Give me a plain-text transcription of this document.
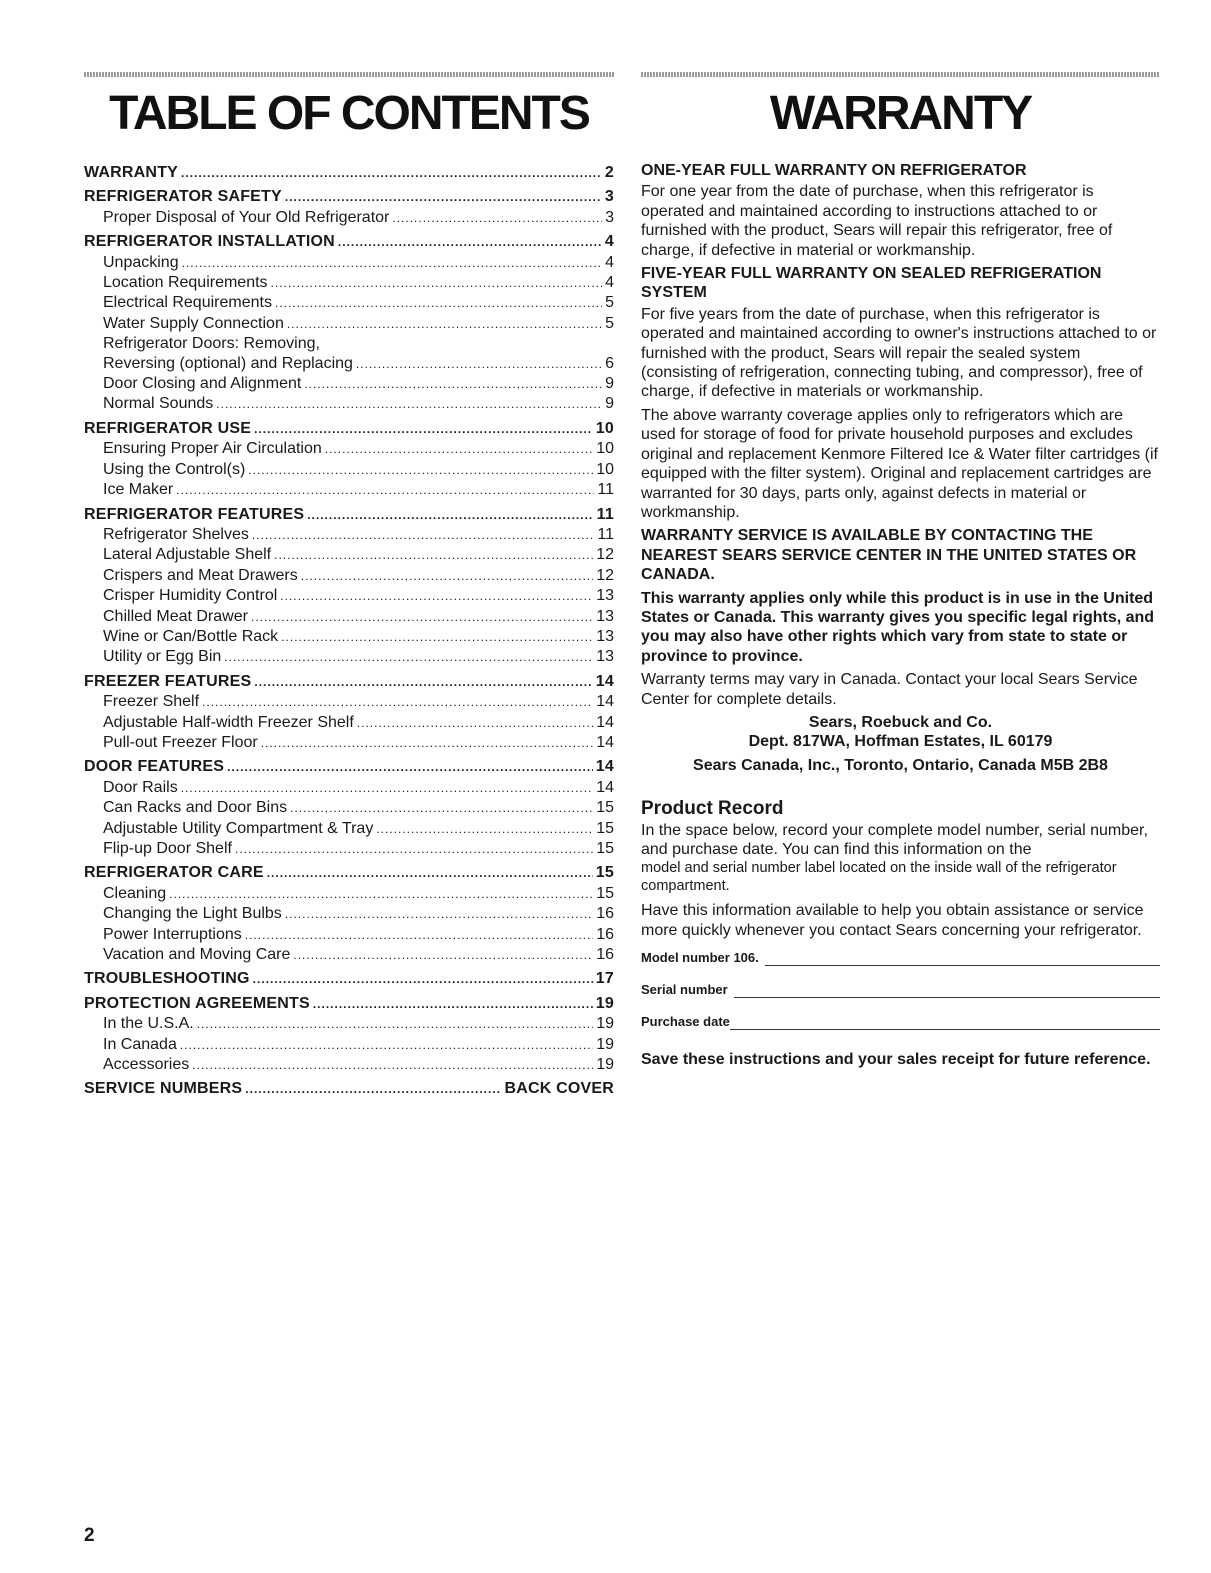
TABLE OF CONTENTS
WARRANTY .....	2
REFRIGERATOR SAFETY .....	3
Proper Disposal of Your Old Refrigerator .....	3
REFRIGERATOR INSTALLATION .....	4
Unpacking .....	4
Location Requirements .....	4
Electrical Requirements .....	5
Water Supply Connection .....	5
Refrigerator Doors: Removing,
Reversing (optional) and Replacing .....	6
Door Closing and Alignment .....	9
Normal Sounds .....	9
REFRIGERATOR USE .....	10
Ensuring Proper Air Circulation .....	10
Using the Control(s) .....	10
Ice Maker .....	11
REFRIGERATOR FEATURES .....	11
Refrigerator Shelves .....	11
Lateral Adjustable Shelf .....	12
Crispers and Meat Drawers .....	12
Crisper Humidity Control .....	13
Chilled Meat Drawer .....	13
Wine or Can/Bottle Rack .....	13
Utility or Egg Bin .....	13
FREEZER FEATURES .....	14
Freezer Shelf .....	14
Adjustable Half-width Freezer Shelf .....	14
Pull-out Freezer Floor .....	14
DOOR FEATURES .....	14
Door Rails .....	14
Can Racks and Door Bins .....	15
Adjustable Utility Compartment & Tray .....	15
Flip-up Door Shelf .....	15
REFRIGERATOR CARE .....	15
Cleaning .....	15
Changing the Light Bulbs .....	16
Power Interruptions .....	16
Vacation and Moving Care .....	16
TROUBLESHOOTING .....	17
PROTECTION AGREEMENTS .....	19
In the U.S.A. .....	19
In Canada .....	19
Accessories .....	19
SERVICE NUMBERS .....	BACK COVER
WARRANTY

ONE-YEAR FULL WARRANTY ON REFRIGERATOR

For one year from the date of purchase, when this refrigerator is operated and maintained according to instructions attached to or furnished with the product, Sears will repair this refrigerator, free of charge, if defective in material or workmanship.

FIVE-YEAR FULL WARRANTY ON SEALED REFRIGERATION SYSTEM

For five years from the date of purchase, when this refrigerator is operated and maintained according to owner's instructions attached to or furnished with the product, Sears will repair the sealed system (consisting of refrigeration, connecting tubing, and compressor), free of charge, if defective in materials or workmanship.

The above warranty coverage applies only to refrigerators which are used for storage of food for private household purposes and excludes original and replacement Kenmore Filtered Ice & Water filter cartridges (if equipped with the filter system). Original and replacement cartridges are warranted for 30 days, parts only, against defects in material or workmanship.

WARRANTY SERVICE IS AVAILABLE BY CONTACTING THE NEAREST SEARS SERVICE CENTER IN THE UNITED STATES OR CANADA.

This warranty applies only while this product is in use in the United States or Canada. This warranty gives you specific legal rights, and you may also have other rights which vary from state to state or province to province.

Warranty terms may vary in Canada. Contact your local Sears Service Center for complete details.

Sears, Roebuck and Co.

Dept. 817WA, Hoffman Estates, IL 60179

Sears Canada, Inc., Toronto, Ontario, Canada M5B 2B8

Product Record

In the space below, record your complete model number, serial number, and purchase date. You can find this information on the

model and serial number label located on the inside wall of the refrigerator compartment.

Have this information available to help you obtain assistance or service more quickly whenever you contact Sears concerning your refrigerator.

Model number 106.
Serial number
Purchase date

Save these instructions and your sales receipt for future reference.

2
